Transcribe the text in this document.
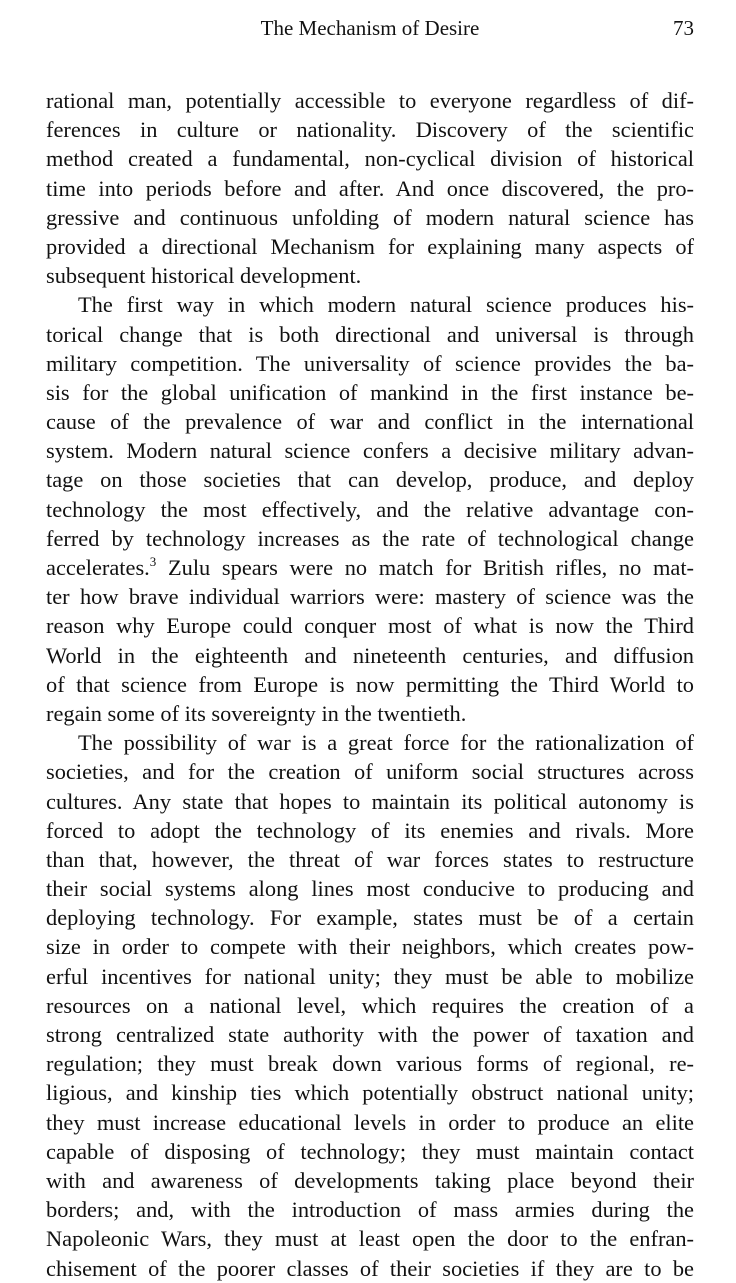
The Mechanism of Desire	73
rational man, potentially accessible to everyone regardless of dif-
ferences in culture or nationality. Discovery of the scientific
method created a fundamental, non-cyclical division of historical
time into periods before and after. And once discovered, the pro-
gressive and continuous unfolding of modern natural science has
provided a directional Mechanism for explaining many aspects of
subsequent historical development.
The first way in which modern natural science produces his-
torical change that is both directional and universal is through
military competition. The universality of science provides the ba-
sis for the global unification of mankind in the first instance be-
cause of the prevalence of war and conflict in the international
system. Modern natural science confers a decisive military advan-
tage on those societies that can develop, produce, and deploy
technology the most effectively, and the relative advantage con-
ferred by technology increases as the rate of technological change
accelerates.$^3$ Zulu spears were no match for British rifles, no mat-
ter how brave individual warriors were: mastery of science was the
reason why Europe could conquer most of what is now the Third
World in the eighteenth and nineteenth centuries, and diffusion
of that science from Europe is now permitting the Third World to
regain some of its sovereignty in the twentieth.
The possibility of war is a great force for the rationalization of
societies, and for the creation of uniform social structures across
cultures. Any state that hopes to maintain its political autonomy is
forced to adopt the technology of its enemies and rivals. More
than that, however, the threat of war forces states to restructure
their social systems along lines most conducive to producing and
deploying technology. For example, states must be of a certain
size in order to compete with their neighbors, which creates pow-
erful incentives for national unity; they must be able to mobilize
resources on a national level, which requires the creation of a
strong centralized state authority with the power of taxation and
regulation; they must break down various forms of regional, re-
ligious, and kinship ties which potentially obstruct national unity;
they must increase educational levels in order to produce an elite
capable of disposing of technology; they must maintain contact
with and awareness of developments taking place beyond their
borders; and, with the introduction of mass armies during the
Napoleonic Wars, they must at least open the door to the enfran-
chisement of the poorer classes of their societies if they are to be
